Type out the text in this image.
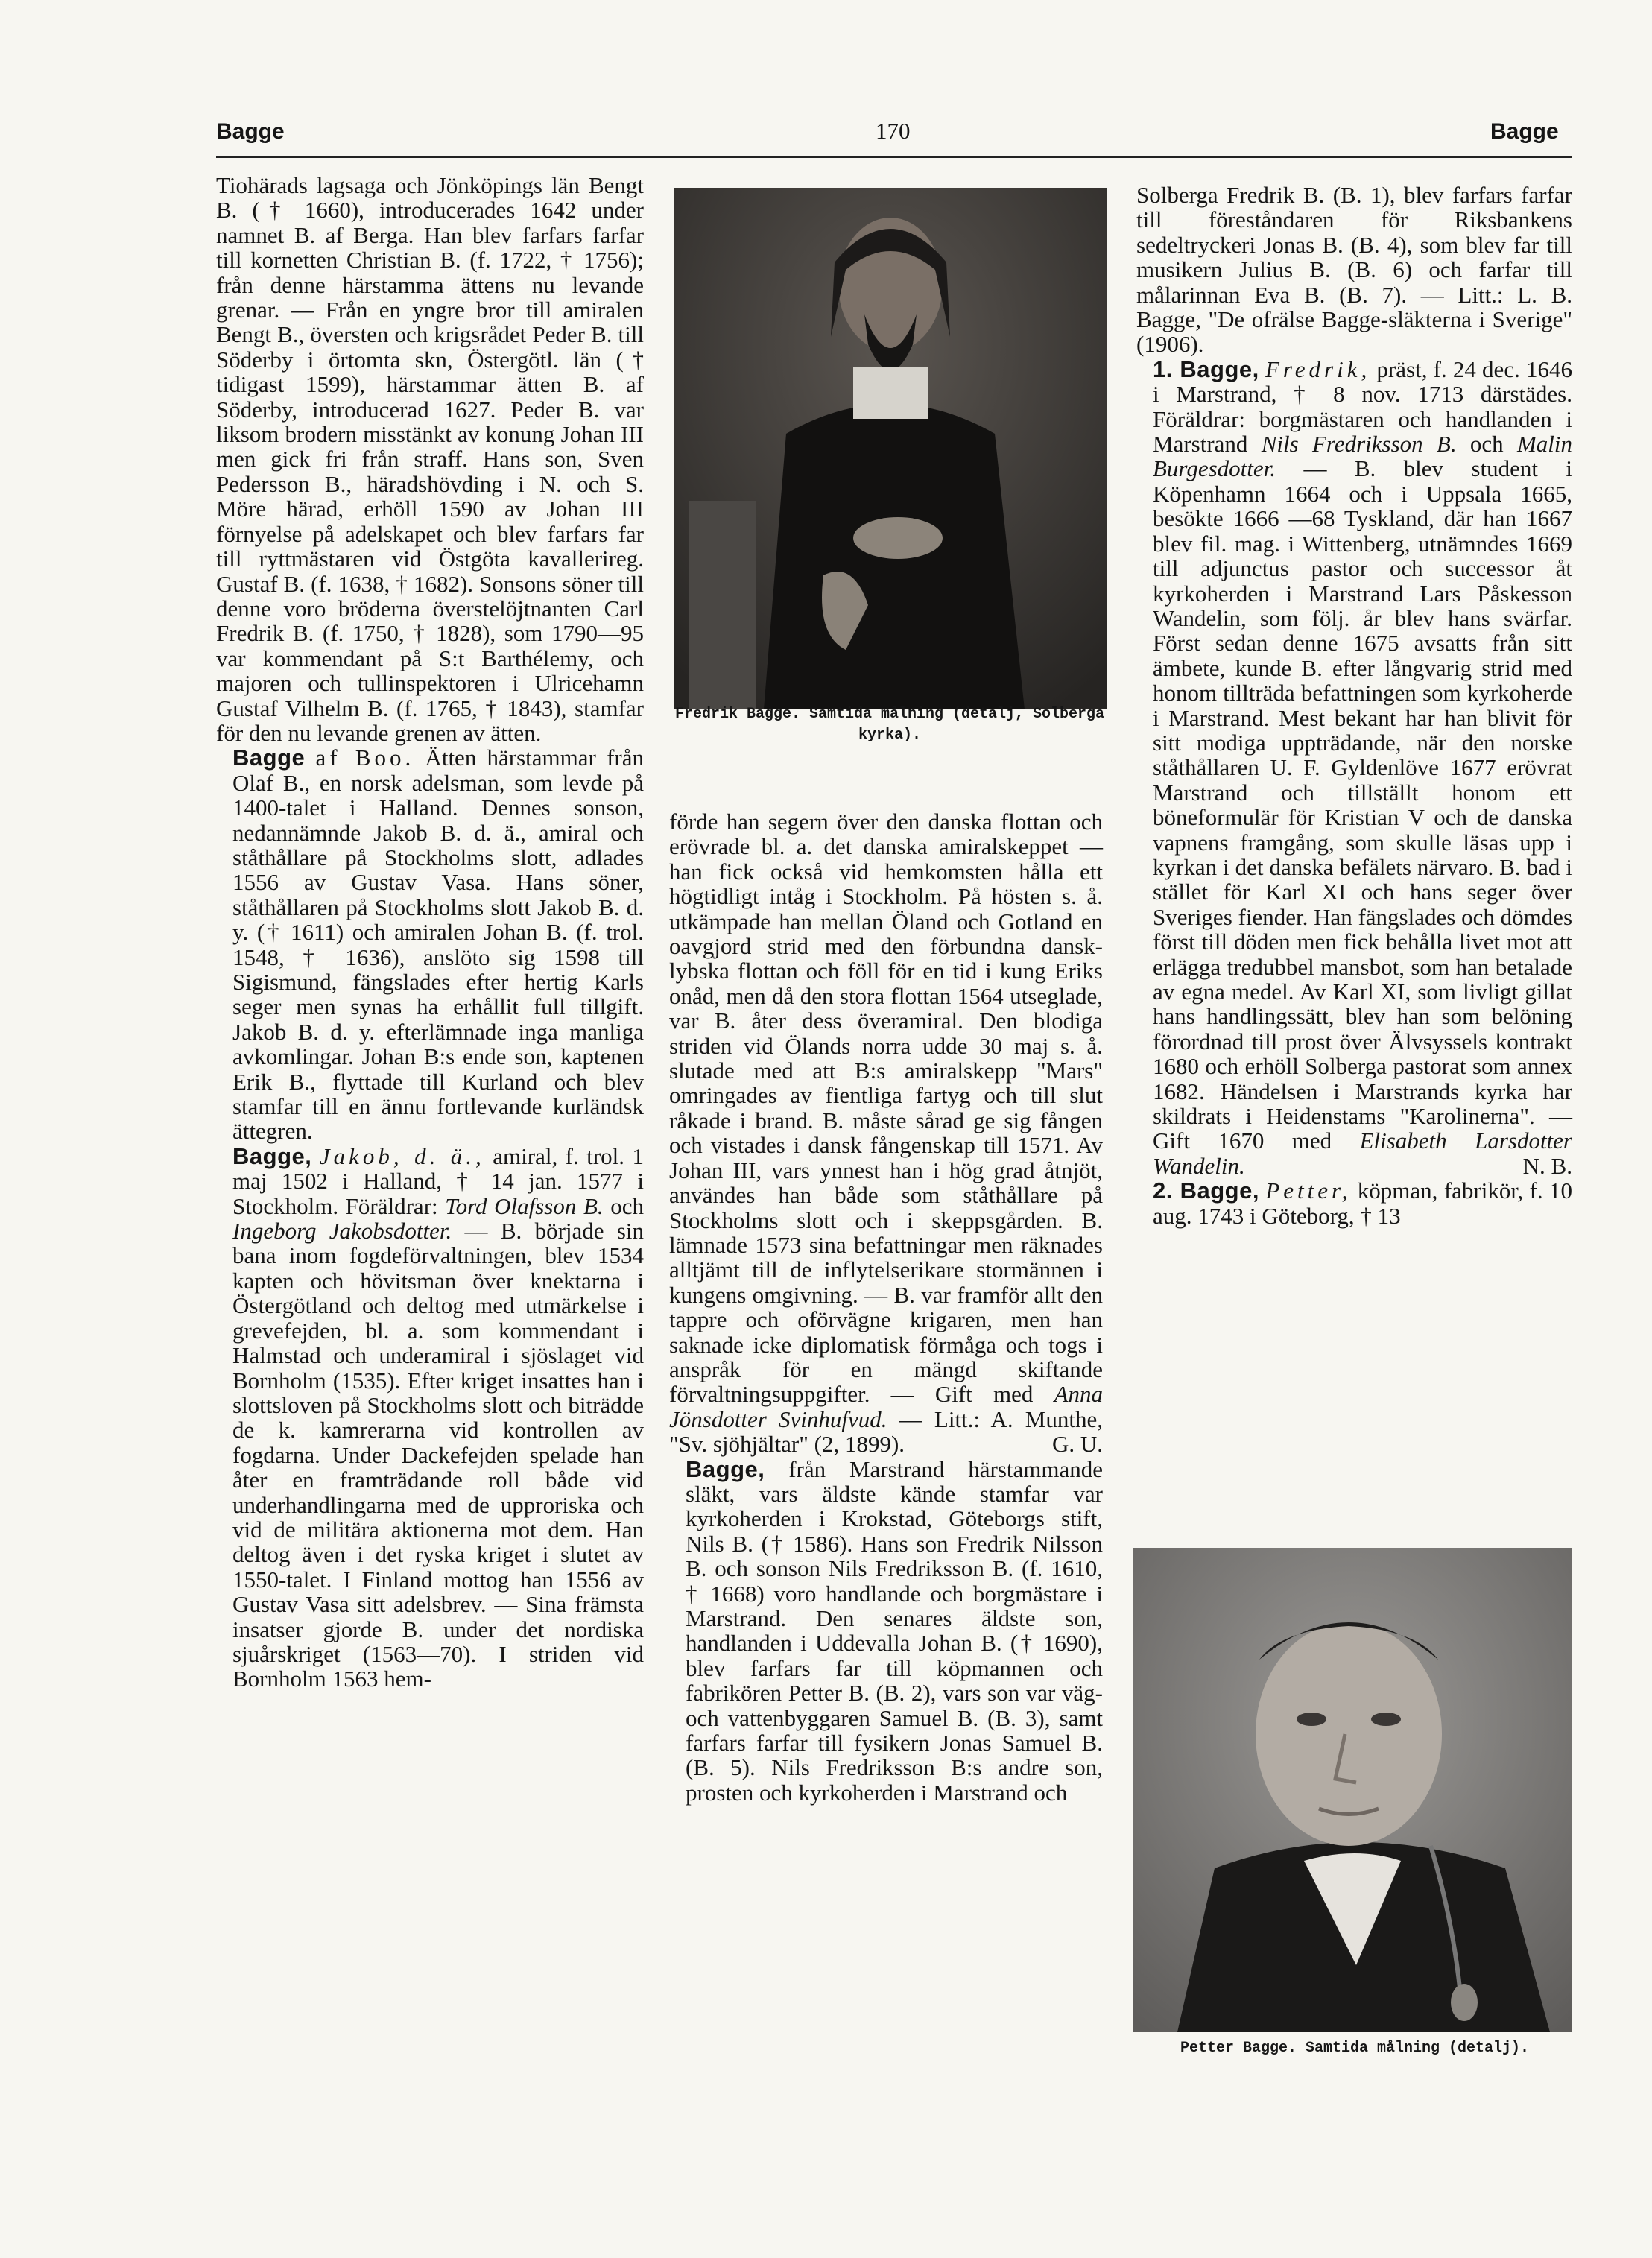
Bagge	170	Bagge

Tiohärads lagsaga och Jönköpings län Bengt B. († 1660), introducerades 1642 under namnet B. af Berga. Han blev farfars farfar till kornetten Christian B. (f. 1722, † 1756); från denne härstamma ättens nu levande grenar. — Från en yngre bror till amiralen Bengt B., översten och krigsrådet Peder B. till Söderby i örtomta skn, Östergötl. län († tidigast 1599), härstammar ätten B. af Söderby, introducerad 1627. Peder B. var liksom brodern misstänkt av konung Johan III men gick fri från straff. Hans son, Sven Pedersson B., häradshövding i N. och S. Möre härad, erhöll 1590 av Johan III förnyelse på adelskapet och blev farfars far till ryttmästaren vid Östgöta kavallerireg. Gustaf B. (f. 1638, † 1682). Sonsons söner till denne voro bröderna överstelöjtnanten Carl Fredrik B. (f. 1750, † 1828), som 1790—95 var kommendant på S:t Barthélemy, och majoren och tullinspektoren i Ulricehamn Gustaf Vilhelm B. (f. 1765, † 1843), stamfar för den nu levande grenen av ätten.

Bagge af Boo. Ätten härstammar från Olaf B., en norsk adelsman, som levde på 1400-talet i Halland. Dennes sonson, nedannämnde Jakob B. d. ä., amiral och ståthållare på Stockholms slott, adlades 1556 av Gustav Vasa. Hans söner, ståthållaren på Stockholms slott Jakob B. d. y. († 1611) och amiralen Johan B. (f. trol. 1548, † 1636), anslöto sig 1598 till Sigismund, fängslades efter hertig Karls seger men synas ha erhållit full tillgift. Jakob B. d. y. efterlämnade inga manliga avkomlingar. Johan B:s ende son, kaptenen Erik B., flyttade till Kurland och blev stamfar till en ännu fortlevande kurländsk ättegren.

Bagge, Jakob, d. ä., amiral, f. trol. 1 maj 1502 i Halland, † 14 jan. 1577 i Stockholm. Föräldrar: Tord Olafsson B. och Ingeborg Jakobsdotter. — B. började sin bana inom fogdeförvaltningen, blev 1534 kapten och hövitsman över knektarna i Östergötland och deltog med utmärkelse i grevefejden, bl. a. som kommendant i Halmstad och underamiral i sjöslaget vid Bornholm (1535). Efter kriget insattes han i slottsloven på Stockholms slott och biträdde de k. kamrerarna vid kontrollen av fogdarna. Under Dackefejden spelade han åter en framträdande roll både vid underhandlingarna med de upproriska och vid de militära aktionerna mot dem. Han deltog även i det ryska kriget i slutet av 1550-talet. I Finland mottog han 1556 av Gustav Vasa sitt adelsbrev. — Sina främsta insatser gjorde B. under det nordiska sjuårskriget (1563—70). I striden vid Bornholm 1563 hem-

Fredrik Bagge. Samtida målning (detalj, Solberga kyrka).

förde han segern över den danska flottan och erövrade bl. a. det danska amiralskeppet — han fick också vid hemkomsten hålla ett högtidligt intåg i Stockholm. På hösten s. å. utkämpade han mellan Öland och Gotland en oavgjord strid med den förbundna dansk-lybska flottan och föll för en tid i kung Eriks onåd, men då den stora flottan 1564 utseglade, var B. åter dess överamiral. Den blodiga striden vid Ölands norra udde 30 maj s. å. slutade med att B:s amiralskepp "Mars" omringades av fientliga fartyg och till slut råkade i brand. B. måste sårad ge sig fången och vistades i dansk fångenskap till 1571. Av Johan III, vars ynnest han i hög grad åtnjöt, användes han både som ståthållare på Stockholms slott och i skeppsgården. B. lämnade 1573 sina befattningar men räknades alltjämt till de inflytelserikare stormännen i kungens omgivning. — B. var framför allt den tappre och oförvägne krigaren, men han saknade icke diplomatisk förmåga och togs i anspråk för en mängd skiftande förvaltningsuppgifter. — Gift med Anna Jönsdotter Svinhufvud. — Litt.: A. Munthe, "Sv. sjöhjältar" (2, 1899).	G. U.

Bagge, från Marstrand härstammande släkt, vars äldste kände stamfar var kyrkoherden i Krokstad, Göteborgs stift, Nils B. († 1586). Hans son Fredrik Nilsson B. och sonson Nils Fredriksson B. (f. 1610, † 1668) voro handlande och borgmästare i Marstrand. Den senares äldste son, handlanden i Uddevalla Johan B. († 1690), blev farfars far till köpmannen och fabrikören Petter B. (B. 2), vars son var väg- och vattenbyggaren Samuel B. (B. 3), samt farfars farfar till fysikern Jonas Samuel B. (B. 5). Nils Fredriksson B:s andre son, prosten och kyrkoherden i Marstrand och

Solberga Fredrik B. (B. 1), blev farfars farfar till föreståndaren för Riksbankens sedeltryckeri Jonas B. (B. 4), som blev far till musikern Julius B. (B. 6) och farfar till målarinnan Eva B. (B. 7). — Litt.: L. B. Bagge, "De ofrälse Bagge-släkterna i Sverige" (1906).

1. Bagge, Fredrik, präst, f. 24 dec. 1646 i Marstrand, † 8 nov. 1713 därstädes. Föräldrar: borgmästaren och handlanden i Marstrand Nils Fredriksson B. och Malin Burgesdotter. — B. blev student i Köpenhamn 1664 och i Uppsala 1665, besökte 1666 —68 Tyskland, där han 1667 blev fil. mag. i Wittenberg, utnämndes 1669 till adjunctus pastor och successor åt kyrkoherden i Marstrand Lars Påskesson Wandelin, som följ. år blev hans svärfar. Först sedan denne 1675 avsatts från sitt ämbete, kunde B. efter långvarig strid med honom tillträda befattningen som kyrkoherde i Marstrand. Mest bekant har han blivit för sitt modiga uppträdande, när den norske ståthållaren U. F. Gyldenlöve 1677 erövrat Marstrand och tillställt honom ett böneformulär för Kristian V och de danska vapnens framgång, som skulle läsas upp i kyrkan i det danska befälets närvaro. B. bad i stället för Karl XI och hans seger över Sveriges fiender. Han fängslades och dömdes först till döden men fick behålla livet mot att erlägga tredubbel mansbot, som han betalade av egna medel. Av Karl XI, som livligt gillat hans handlingssätt, blev han som belöning förordnad till prost över Älvsyssels kontrakt 1680 och erhöll Solberga pastorat som annex 1682. Händelsen i Marstrands kyrka har skildrats i Heidenstams "Karolinerna". — Gift 1670 med Elisabeth Larsdotter Wandelin.	N. B.

2. Bagge, Petter, köpman, fabrikör, f. 10 aug. 1743 i Göteborg, † 13

Petter Bagge. Samtida målning (detalj).
